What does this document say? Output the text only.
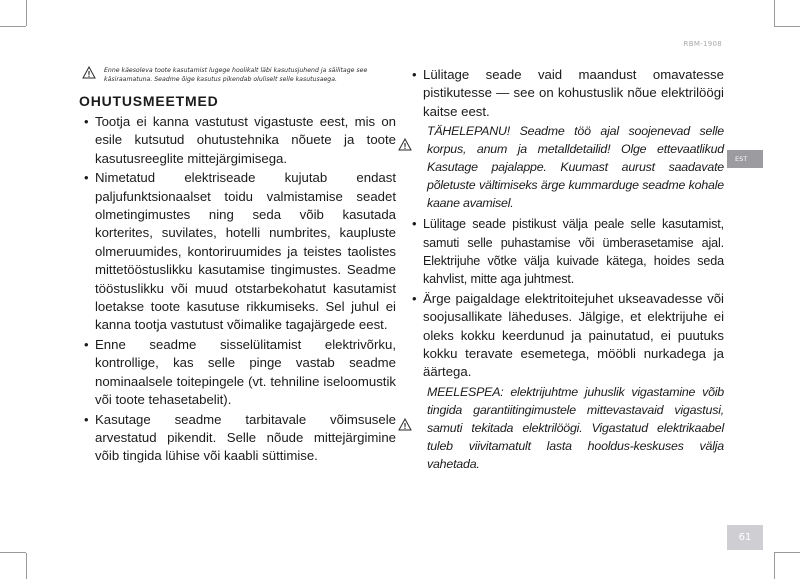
RBM-1908
EST
61
Enne käesoleva toote kasutamist lugege hoolikalt läbi kasutusjuhend ja säilitage see käsiraamatuna. Seadme õige kasutus pikendab oluliselt selle kasutusaega.
OHUTUSMEETMED
• Tootja ei kanna vastutust vigastuste eest, mis on esile kutsutud ohutustehnika nõuete ja toote kasutusreeglite mittejärgimisega.
• Nimetatud elektriseade kujutab endast paljufunktsionaalset toidu valmistamise seadet olmetingimustes ning seda võib kasutada korterites, suvilates, hotelli numbrites, kaupluste olmeruumides, kontoriruumides ja teistes taolistes mittetööstuslikku kasutamise tingimustes. Seadme tööstuslikku või muud otstarbekohatut kasutamist loetakse toote kasutuse rikkumiseks. Sel juhul ei kanna tootja vastutust võimalike tagajärgede eest.
• Enne seadme sisselülitamist elektrivõrku, kontrollige, kas selle pinge vastab seadme nominaalsele toitepingele (vt. tehniline iseloomustik või toote tehasetabelit).
• Kasutage seadme tarbitavale võimsusele arvestatud pikendit. Selle nõude mittejärgimine võib tingida lühise või kaabli süttimise.
• Lülitage seade vaid maandust omavatesse pistikutesse — see on kohustuslik nõue elektrilöögi kaitse eest.
TÄHELEPANU! Seadme töö ajal soojenevad selle korpus, anum ja metalldetailid! Olge ettevaatlikud Kasutage pajalappe. Kuumast aurust saadavate põletuste vältimiseks ärge kummarduge seadme kohale kaane avamisel.
• Lülitage seade pistikust välja peale selle kasutamist, samuti selle puhastamise või ümberasetamise ajal. Elektrijuhe võtke välja kuivade kätega, hoides seda kahvlist, mitte aga juhtmest.
• Ärge paigaldage elektritoitejuhet ukseavadesse või soojusallikate läheduses. Jälgige, et elektrijuhe ei oleks kokku keerdunud ja painutatud, ei puutuks kokku teravate esemetega, mööbli nurkadega ja äärtega.
MEELESPEA: elektrijuhtme juhuslik vigastamine võib tingida garantiitingimustele mittevastavaid vigastusi, samuti tekitada elektrilöögi. Vigastatud elektrikaabel tuleb viivitamatult lasta hooldus-keskuses välja vahetada.
